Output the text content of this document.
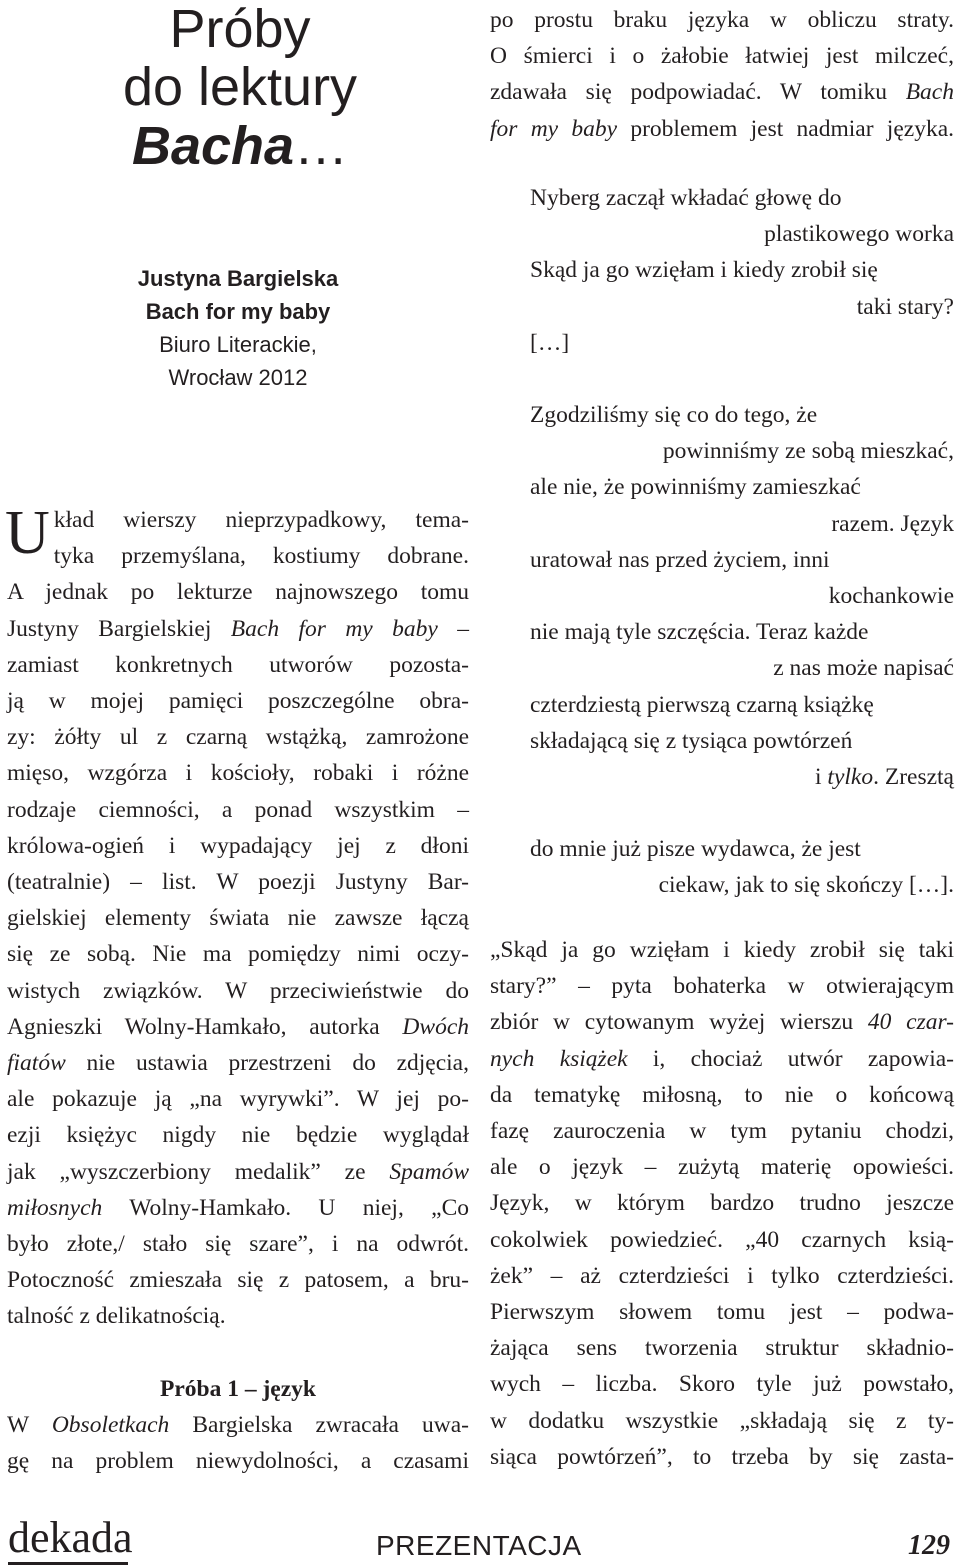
Próby
do lektury
Bacha…
Justyna Bargielska
Bach for my baby
Biuro Literackie,
Wrocław 2012
U kład wierszy nieprzypadkowy, tema-
tyka przemyślana, kostiumy dobrane.
A jednak po lekturze najnowszego tomu
Justyny Bargielskiej Bach for my baby –
zamiast konkretnych utworów pozosta-
ją w mojej pamięci poszczególne obra-
zy: żółty ul z czarną wstążką, zamrożone
mięso, wzgórza i kościoły, robaki i różne
rodzaje ciemności, a ponad wszystkim –
królowa-ogień i wypadający jej z dłoni
(teatralnie) – list. W poezji Justyny Bar-
gielskiej elementy świata nie zawsze łączą
się ze sobą. Nie ma pomiędzy nimi oczy-
wistych związków. W przeciwieństwie do
Agnieszki Wolny-Hamkało, autorka Dwóch
fiatów nie ustawia przestrzeni do zdjęcia,
ale pokazuje ją „na wyrywki”. W jej po-
ezji księżyc nigdy nie będzie wyglądał
jak „wyszczerbiony medalik” ze Spamów
miłosnych Wolny-Hamkało. U niej, „Co
było złote,/ stało się szare”, i na odwrót.
Potoczność zmieszała się z patosem, a bru-
talność z delikatnością.
Próba 1 – język
W Obsoletkach Bargielska zwracała uwa-
gę na problem niewydolności, a czasami
po prostu braku języka w obliczu straty.
O śmierci i o żałobie łatwiej jest milczeć,
zdawała się podpowiadać. W tomiku Bach
for my baby problemem jest nadmiar języka.
Nyberg zaczął wkładać głowę do
plastikowego worka
Skąd ja go wzięłam i kiedy zrobił się
taki stary?
[…]
Zgodziliśmy się co do tego, że
powinniśmy ze sobą mieszkać,
ale nie, że powinniśmy zamieszkać
razem. Język
uratował nas przed życiem, inni
kochankowie
nie mają tyle szczęścia. Teraz każde
z nas może napisać
czterdziestą pierwszą czarną książkę
składającą się z tysiąca powtórzeń
i tylko. Zresztą
do mnie już pisze wydawca, że jest
ciekaw, jak to się skończy […].
„Skąd ja go wzięłam i kiedy zrobił się taki
stary?” – pyta bohaterka w otwierającym
zbiór w cytowanym wyżej wierszu 40 czar-
nych książek i, chociaż utwór zapowia-
da tematykę miłosną, to nie o końcową
fazę zauroczenia w tym pytaniu chodzi,
ale o język – zużytą materię opowieści.
Język, w którym bardzo trudno jeszcze
cokolwiek powiedzieć. „40 czarnych ksią-
żek” – aż czterdzieści i tylko czterdzieści.
Pierwszym słowem tomu jest – podwa-
żająca sens tworzenia struktur składnio-
wych – liczba. Skoro tyle już powstało,
w dodatku wszystkie „składają się z ty-
siąca powtórzeń”, to trzeba by się zasta-
dekada	PREZENTACJA	129
